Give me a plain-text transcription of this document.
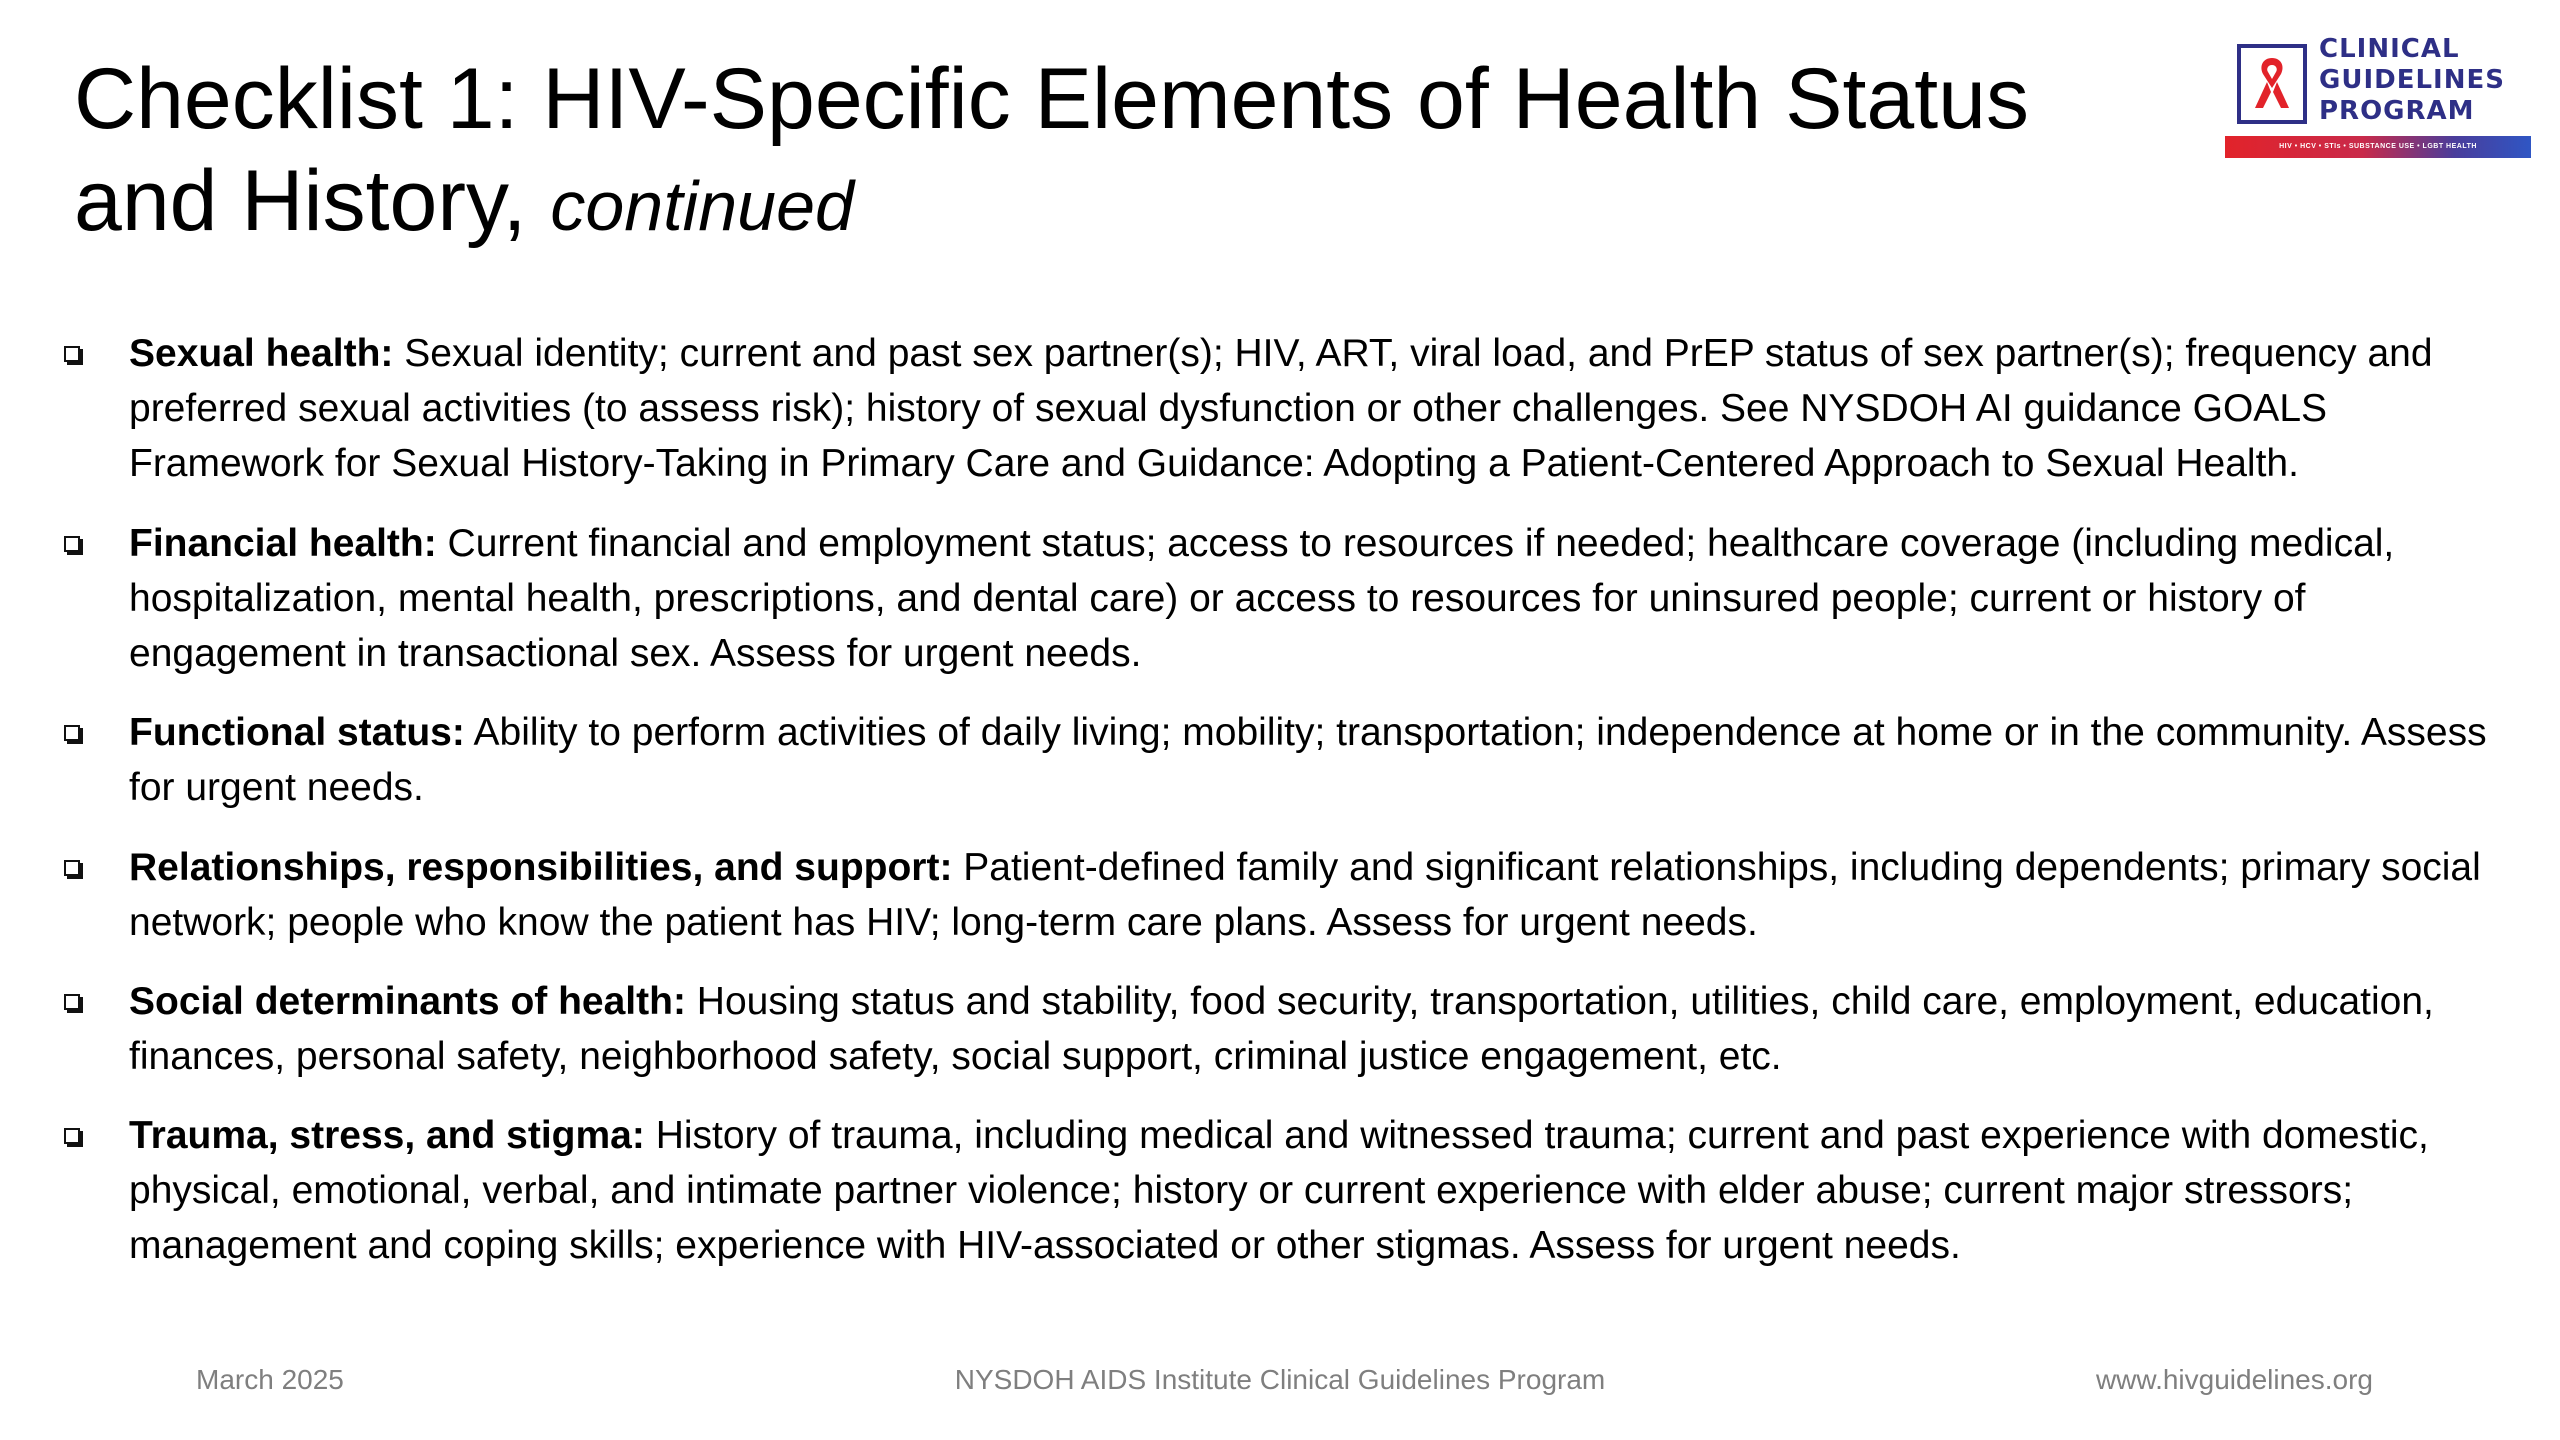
Checklist 1: HIV-Specific Elements of Health Status and History, continued
CLINICAL
GUIDELINES
PROGRAM
HIV • HCV • STIs • SUBSTANCE USE • LGBT HEALTH
Sexual health: Sexual identity; current and past sex partner(s); HIV, ART, viral load, and PrEP status of sex partner(s); frequency and preferred sexual activities (to assess risk); history of sexual dysfunction or other challenges. See NYSDOH AI guidance GOALS Framework for Sexual History-Taking in Primary Care and Guidance: Adopting a Patient-Centered Approach to Sexual Health.
Financial health: Current financial and employment status; access to resources if needed; healthcare coverage (including medical, hospitalization, mental health, prescriptions, and dental care) or access to resources for uninsured people; current or history of engagement in transactional sex. Assess for urgent needs.
Functional status: Ability to perform activities of daily living; mobility; transportation; independence at home or in the community. Assess for urgent needs.
Relationships, responsibilities, and support: Patient-defined family and significant relationships, including dependents; primary social network; people who know the patient has HIV; long-term care plans. Assess for urgent needs.
Social determinants of health: Housing status and stability, food security, transportation, utilities, child care, employment, education, finances, personal safety, neighborhood safety, social support, criminal justice engagement, etc.
Trauma, stress, and stigma: History of trauma, including medical and witnessed trauma; current and past experience with domestic, physical, emotional, verbal, and intimate partner violence; history or current experience with elder abuse; current major stressors; management and coping skills; experience with HIV-associated or other stigmas. Assess for urgent needs.
March 2025	NYSDOH AIDS Institute Clinical Guidelines Program	www.hivguidelines.org
